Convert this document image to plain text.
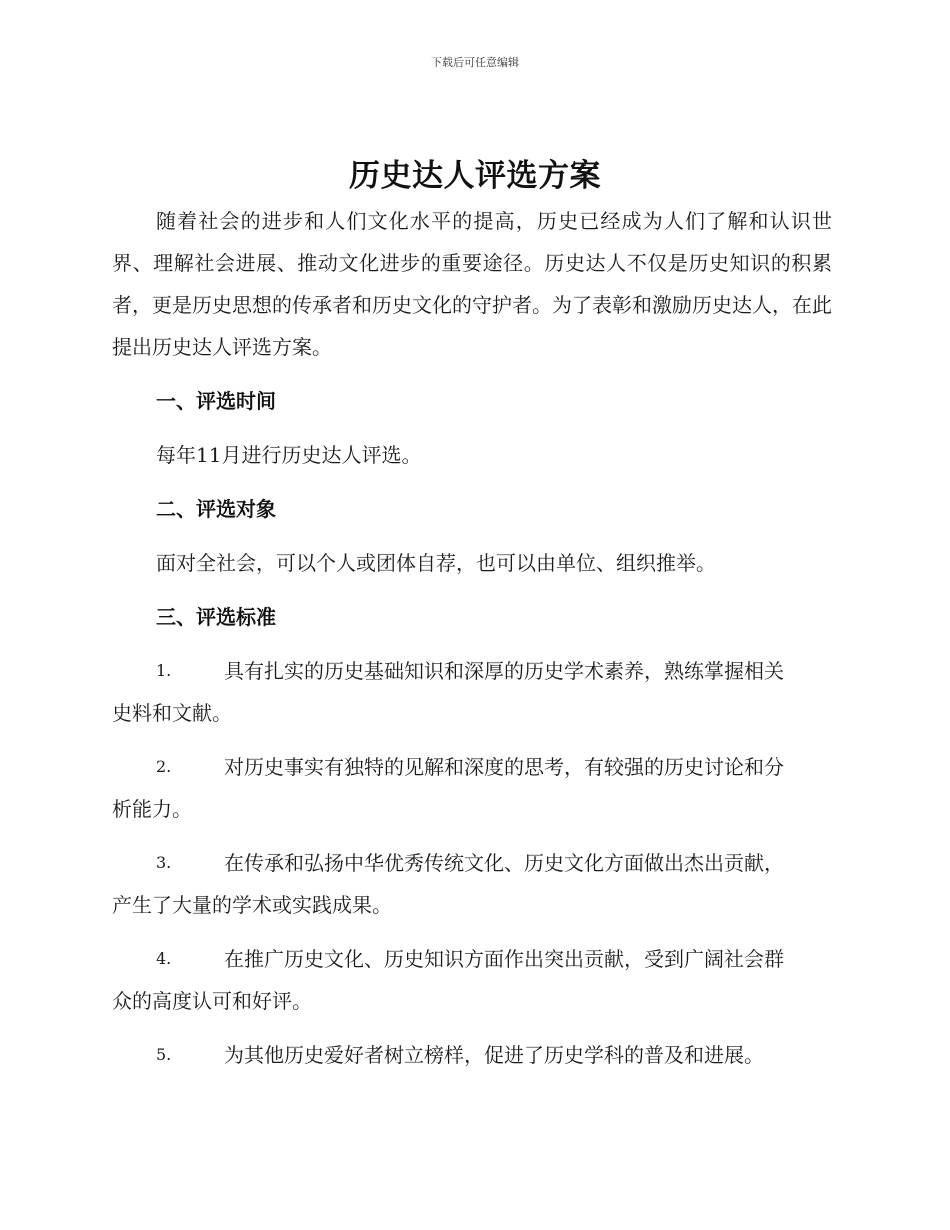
下载后可任意编辑
历史达人评选方案

随着社会的进步和人们文化水平的提高，历史已经成为人们了解和认识世界、理解社会进展、推动文化进步的重要途径。历史达人不仅是历史知识的积累者，更是历史思想的传承者和历史文化的守护者。为了表彰和激励历史达人，在此提出历史达人评选方案。

一、评选时间

每年11月进行历史达人评选。

二、评选对象

面对全社会，可以个人或团体自荐，也可以由单位、组织推举。

三、评选标准

1.	具有扎实的历史基础知识和深厚的历史学术素养，熟练掌握相关
史料和文献。
2.	对历史事实有独特的见解和深度的思考，有较强的历史讨论和分
析能力。
3.	在传承和弘扬中华优秀传统文化、历史文化方面做出杰出贡献，
产生了大量的学术或实践成果。
4.	在推广历史文化、历史知识方面作出突出贡献，受到广阔社会群
众的高度认可和好评。
5.	为其他历史爱好者树立榜样，促进了历史学科的普及和进展。
